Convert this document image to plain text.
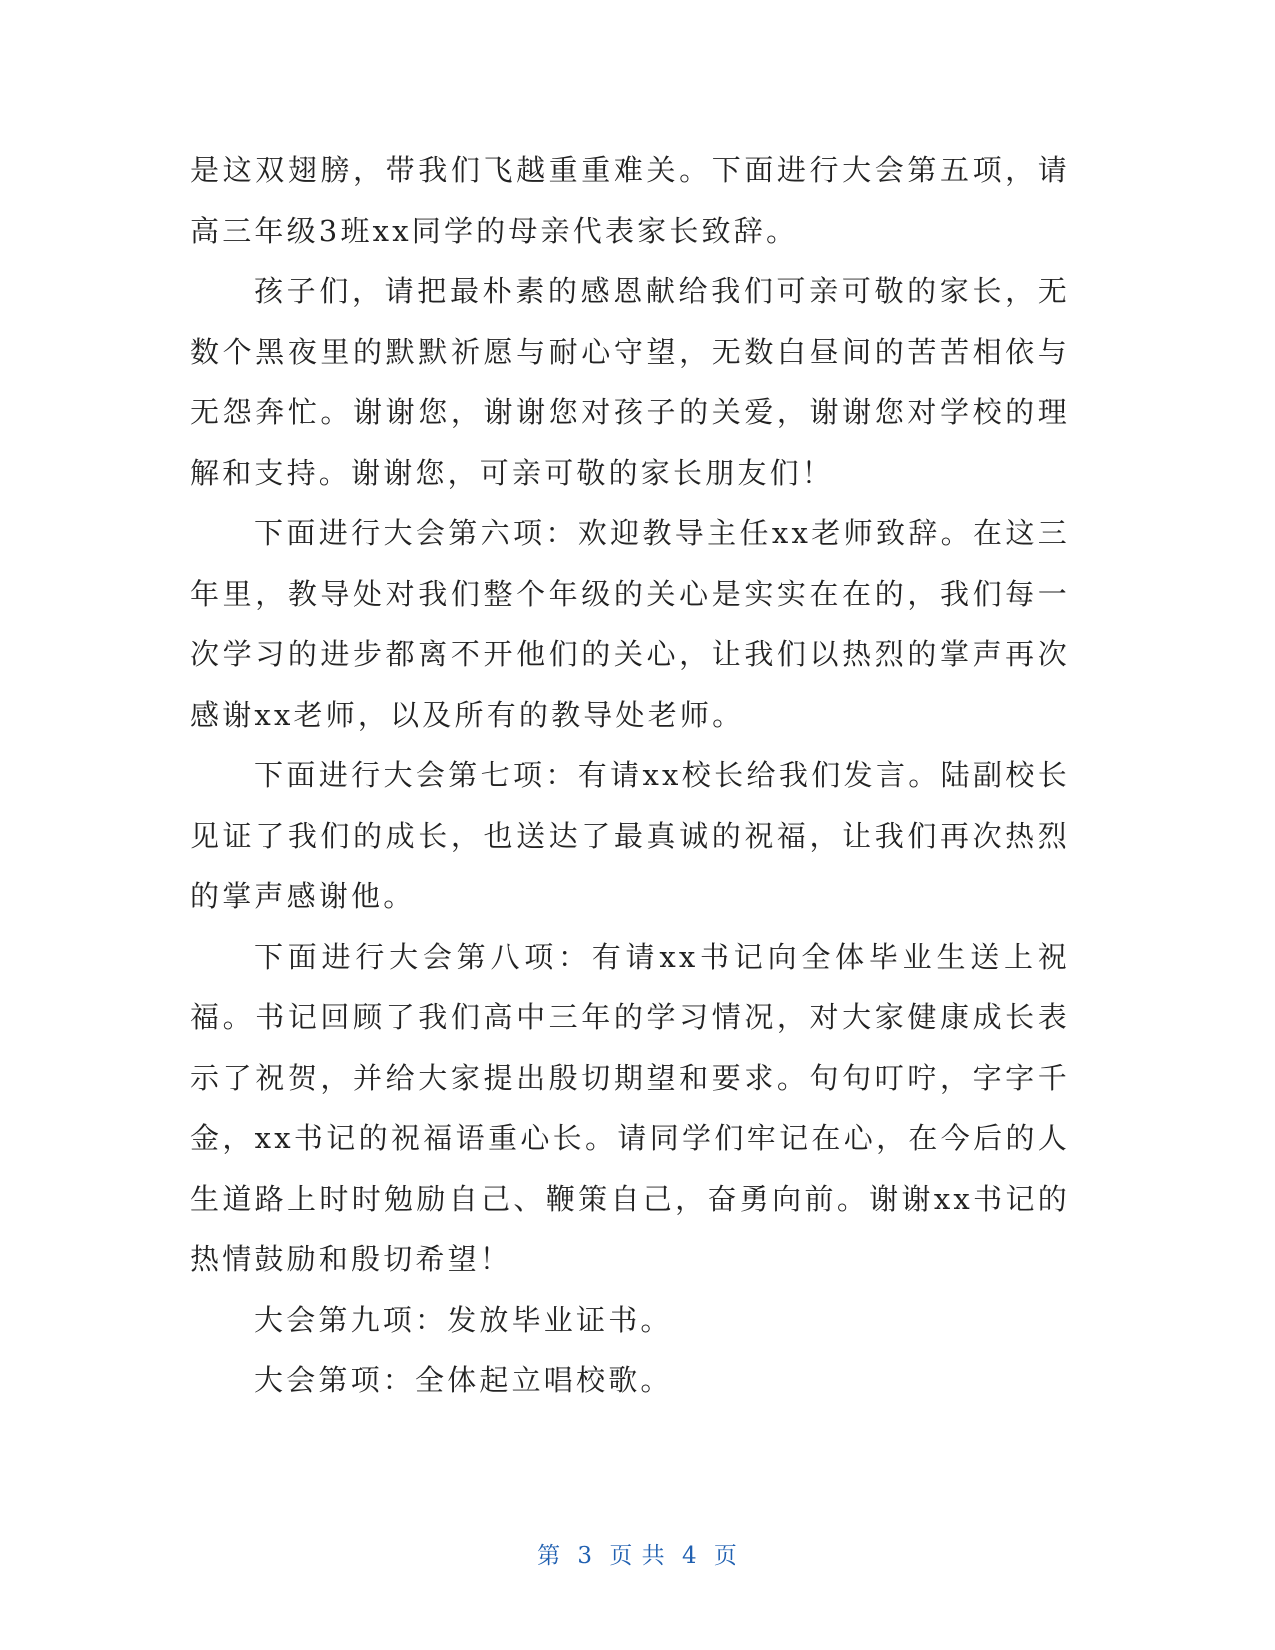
是这双翅膀，带我们飞越重重难关。下面进行大会第五项，请高三年级3班xx同学的母亲代表家长致辞。

孩子们，请把最朴素的感恩献给我们可亲可敬的家长，无数个黑夜里的默默祈愿与耐心守望，无数白昼间的苦苦相依与无怨奔忙。谢谢您，谢谢您对孩子的关爱，谢谢您对学校的理解和支持。谢谢您，可亲可敬的家长朋友们！

下面进行大会第六项：欢迎教导主任xx老师致辞。在这三年里，教导处对我们整个年级的关心是实实在在的，我们每一次学习的进步都离不开他们的关心，让我们以热烈的掌声再次感谢xx老师，以及所有的教导处老师。

下面进行大会第七项：有请xx校长给我们发言。陆副校长见证了我们的成长，也送达了最真诚的祝福，让我们再次热烈的掌声感谢他。

下面进行大会第八项：有请xx书记向全体毕业生送上祝福。书记回顾了我们高中三年的学习情况，对大家健康成长表示了祝贺，并给大家提出殷切期望和要求。句句叮咛，字字千金，xx书记的祝福语重心长。请同学们牢记在心，在今后的人生道路上时时勉励自己、鞭策自己，奋勇向前。谢谢xx书记的热情鼓励和殷切希望！

大会第九项：发放毕业证书。

大会第项：全体起立唱校歌。

第 3 页 共 4 页
